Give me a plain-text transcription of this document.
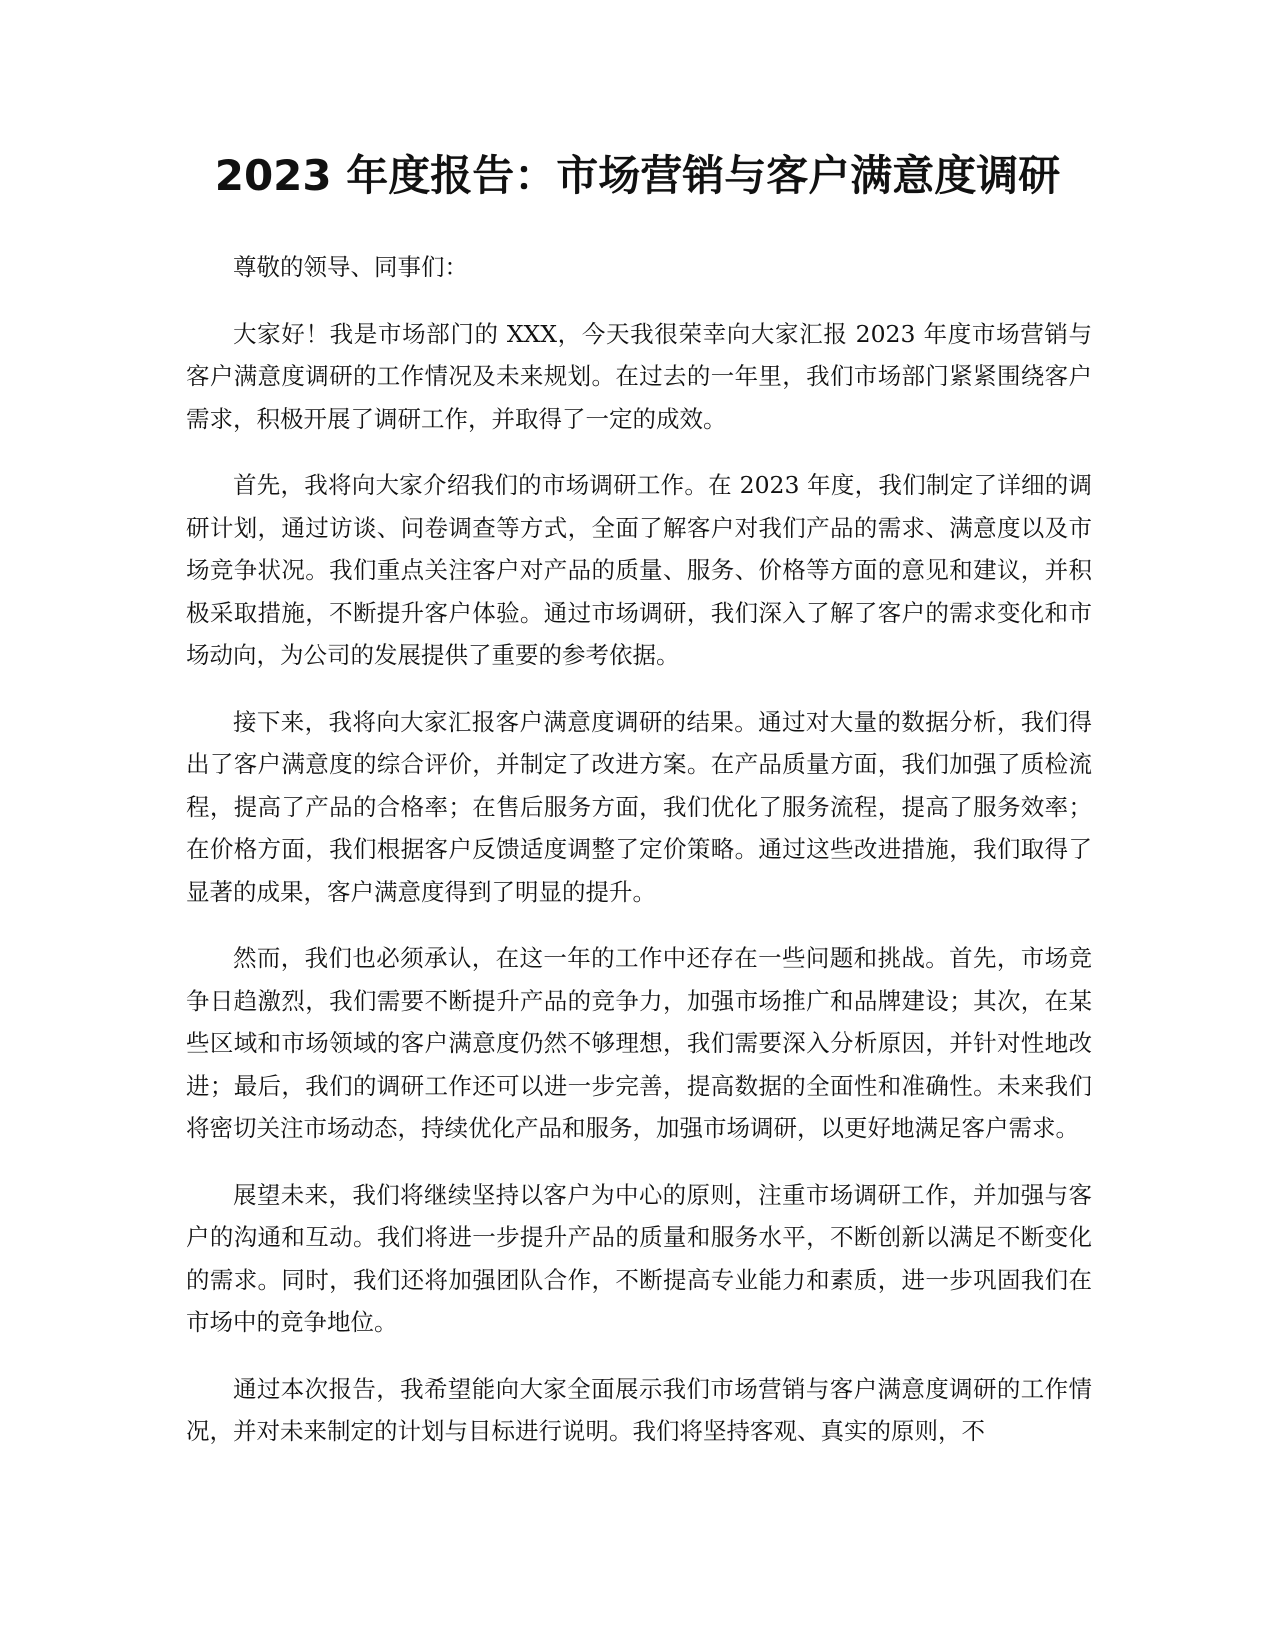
2023 年度报告：市场营销与客户满意度调研

尊敬的领导、同事们：

大家好！我是市场部门的 XXX，今天我很荣幸向大家汇报 2023 年度市场营销与客户满意度调研的工作情况及未来规划。在过去的一年里，我们市场部门紧紧围绕客户需求，积极开展了调研工作，并取得了一定的成效。

首先，我将向大家介绍我们的市场调研工作。在 2023 年度，我们制定了详细的调研计划，通过访谈、问卷调查等方式，全面了解客户对我们产品的需求、满意度以及市场竞争状况。我们重点关注客户对产品的质量、服务、价格等方面的意见和建议，并积极采取措施，不断提升客户体验。通过市场调研，我们深入了解了客户的需求变化和市场动向，为公司的发展提供了重要的参考依据。

接下来，我将向大家汇报客户满意度调研的结果。通过对大量的数据分析，我们得出了客户满意度的综合评价，并制定了改进方案。在产品质量方面，我们加强了质检流程，提高了产品的合格率；在售后服务方面，我们优化了服务流程，提高了服务效率；在价格方面，我们根据客户反馈适度调整了定价策略。通过这些改进措施，我们取得了显著的成果，客户满意度得到了明显的提升。

然而，我们也必须承认，在这一年的工作中还存在一些问题和挑战。首先，市场竞争日趋激烈，我们需要不断提升产品的竞争力，加强市场推广和品牌建设；其次，在某些区域和市场领域的客户满意度仍然不够理想，我们需要深入分析原因，并针对性地改进；最后，我们的调研工作还可以进一步完善，提高数据的全面性和准确性。未来我们将密切关注市场动态，持续优化产品和服务，加强市场调研，以更好地满足客户需求。

展望未来，我们将继续坚持以客户为中心的原则，注重市场调研工作，并加强与客户的沟通和互动。我们将进一步提升产品的质量和服务水平，不断创新以满足不断变化的需求。同时，我们还将加强团队合作，不断提高专业能力和素质，进一步巩固我们在市场中的竞争地位。

通过本次报告，我希望能向大家全面展示我们市场营销与客户满意度调研的工作情况，并对未来制定的计划与目标进行说明。我们将坚持客观、真实的原则，不
